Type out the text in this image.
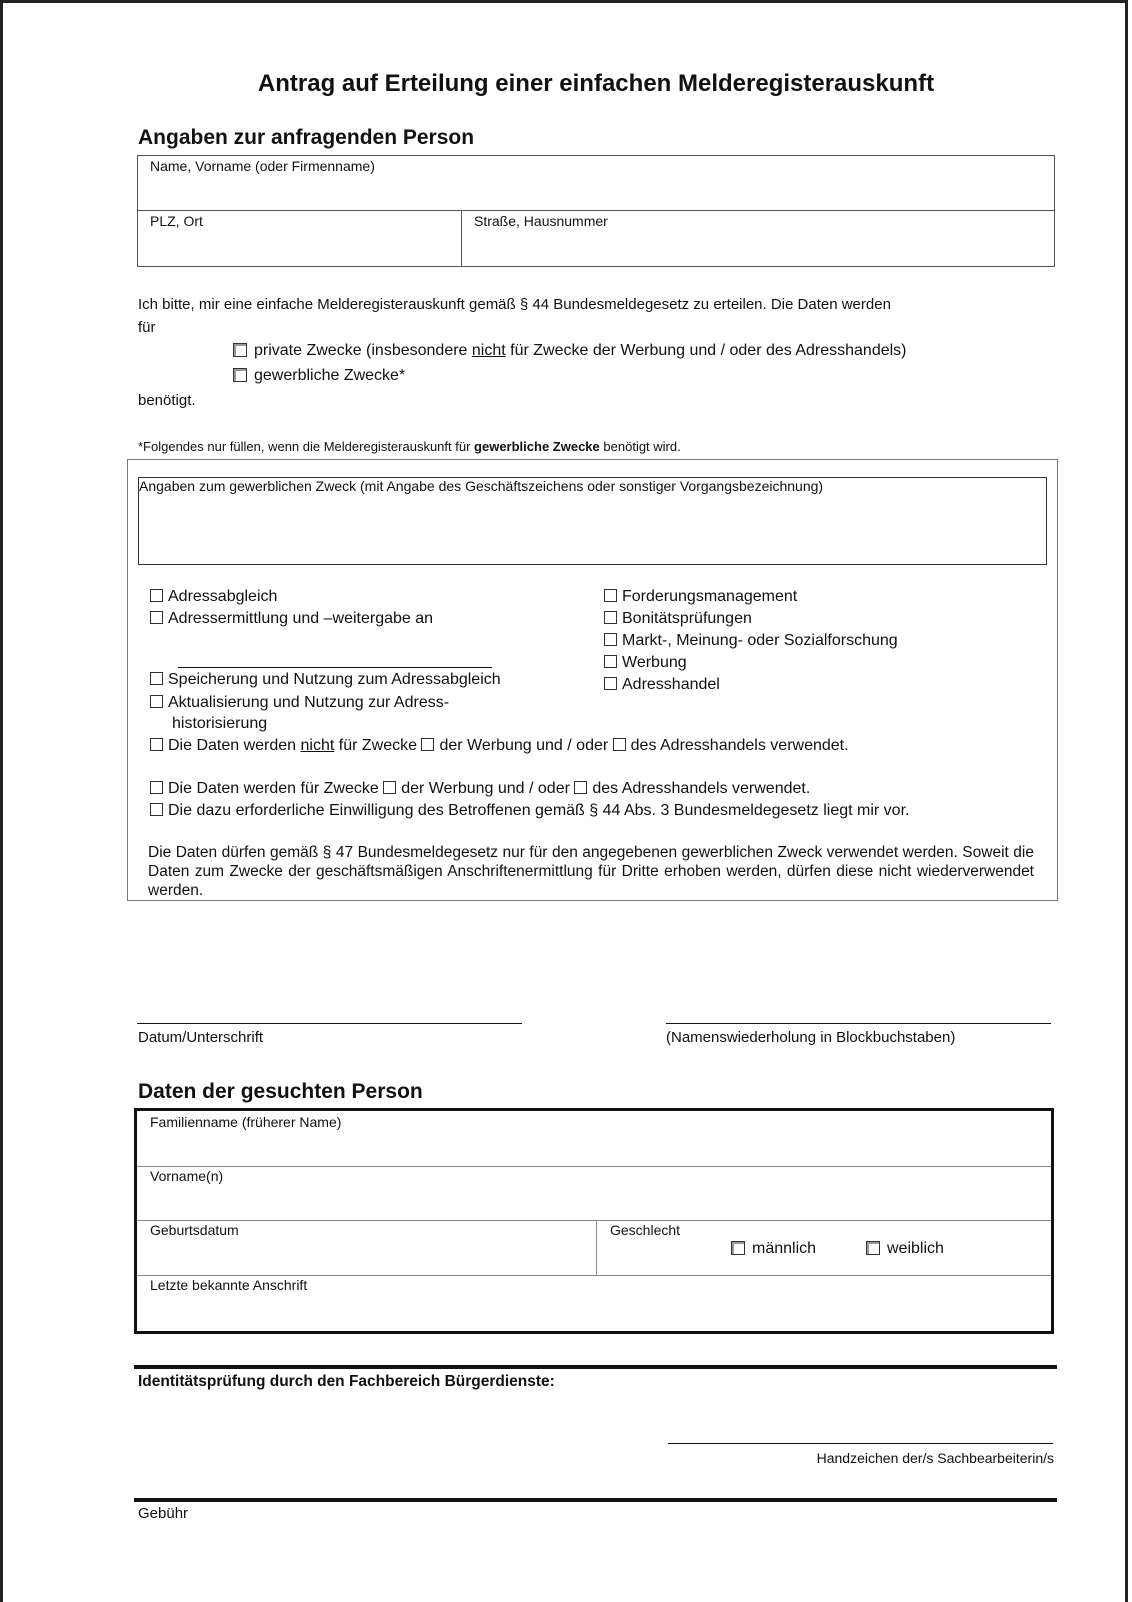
Antrag auf Erteilung einer einfachen Melderegisterauskunft
Angaben zur anfragenden Person
Name, Vorname (oder Firmenname)
PLZ, Ort	Straße, Hausnummer
Ich bitte, mir eine einfache Melderegisterauskunft gemäß § 44 Bundesmeldegesetz zu erteilen. Die Daten werden
für
private Zwecke (insbesondere nicht für Zwecke der Werbung und / oder des Adresshandels)
gewerbliche Zwecke*
benötigt.
*Folgendes nur füllen, wenn die Melderegisterauskunft für gewerbliche Zwecke benötigt wird.
Angaben zum gewerblichen Zweck (mit Angabe des Geschäftszeichens oder sonstiger Vorgangsbezeichnung)
Adressabgleich
Adressermittlung und –weitergabe an
Speicherung und Nutzung zum Adressabgleich
Aktualisierung und Nutzung zur Adress-
historisierung
Forderungsmanagement
Bonitätsprüfungen
Markt-, Meinung- oder Sozialforschung
Werbung
Adresshandel
Die Daten werden nicht für Zwecke der Werbung und / oder des Adresshandels verwendet.
Die Daten werden für Zwecke der Werbung und / oder des Adresshandels verwendet.
Die dazu erforderliche Einwilligung des Betroffenen gemäß § 44 Abs. 3 Bundesmeldegesetz liegt mir vor.
Die Daten dürfen gemäß § 47 Bundesmeldegesetz nur für den angegebenen gewerblichen Zweck verwendet werden. Soweit die Daten zum Zwecke der geschäftsmäßigen Anschriftenermittlung für Dritte erhoben werden, dürfen diese nicht wiederverwendet werden.
Datum/Unterschrift	(Namenswiederholung in Blockbuchstaben)
Daten der gesuchten Person
Familienname (früherer Name)
Vorname(n)
Geburtsdatum	Geschlecht
männlich	weiblich
Letzte bekannte Anschrift
Identitätsprüfung durch den Fachbereich Bürgerdienste:
Handzeichen der/s Sachbearbeiterin/s
Gebühr
